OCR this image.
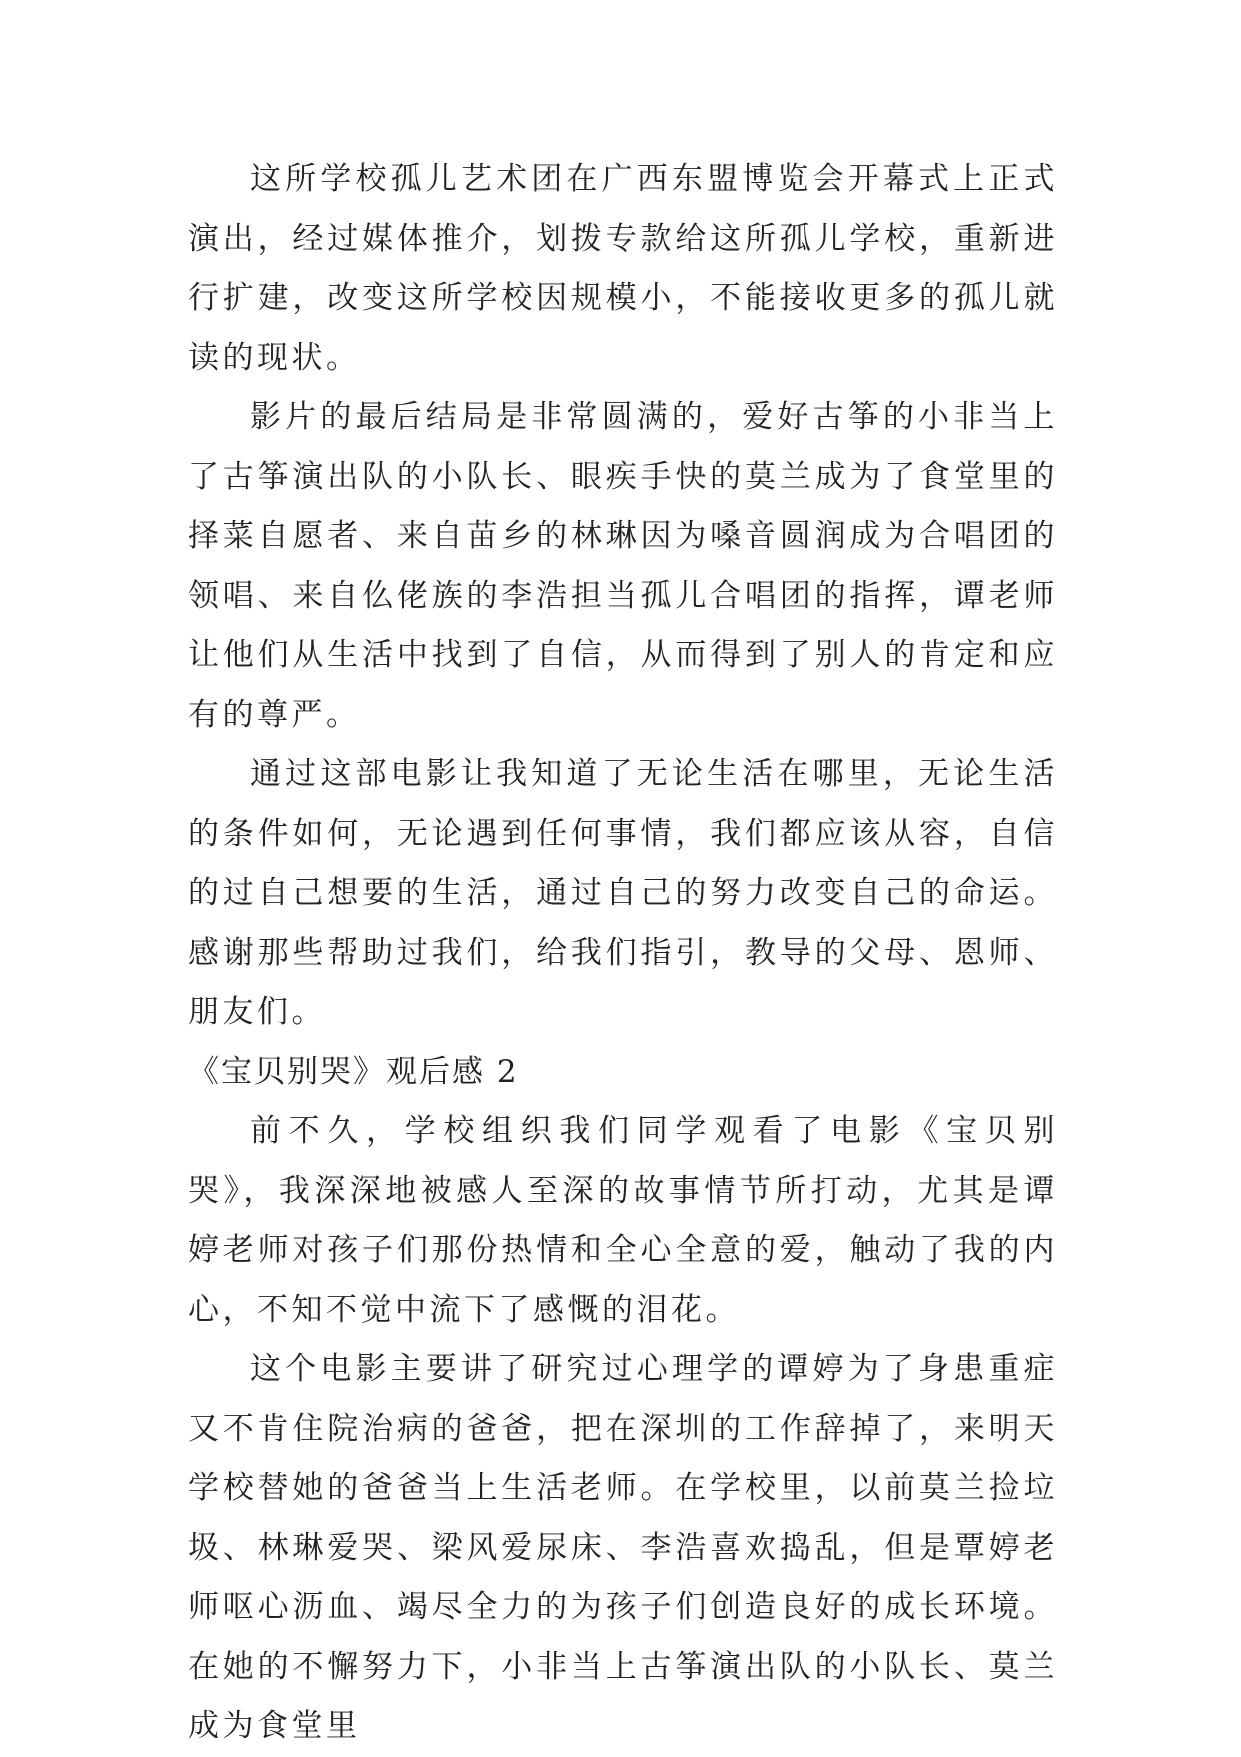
这所学校孤儿艺术团在广西东盟博览会开幕式上正式演出，经过媒体推介，划拨专款给这所孤儿学校，重新进行扩建，改变这所学校因规模小，不能接收更多的孤儿就读的现状。

影片的最后结局是非常圆满的，爱好古筝的小非当上了古筝演出队的小队长、眼疾手快的莫兰成为了食堂里的择菜自愿者、来自苗乡的林琳因为嗓音圆润成为合唱团的领唱、来自仫佬族的李浩担当孤儿合唱团的指挥，谭老师让他们从生活中找到了自信，从而得到了别人的肯定和应有的尊严。

通过这部电影让我知道了无论生活在哪里，无论生活的条件如何，无论遇到任何事情，我们都应该从容，自信的过自己想要的生活，通过自己的努力改变自己的命运。感谢那些帮助过我们，给我们指引，教导的父母、恩师、朋友们。

《宝贝别哭》观后感 2

前不久，学校组织我们同学观看了电影《宝贝别哭》，我深深地被感人至深的故事情节所打动，尤其是谭婷老师对孩子们那份热情和全心全意的爱，触动了我的内心，不知不觉中流下了感慨的泪花。

这个电影主要讲了研究过心理学的谭婷为了身患重症又不肯住院治病的爸爸，把在深圳的工作辞掉了，来明天学校替她的爸爸当上生活老师。在学校里，以前莫兰捡垃圾、林琳爱哭、梁风爱尿床、李浩喜欢捣乱，但是覃婷老师呕心沥血、竭尽全力的为孩子们创造良好的成长环境。在她的不懈努力下，小非当上古筝演出队的小队长、莫兰成为食堂里
